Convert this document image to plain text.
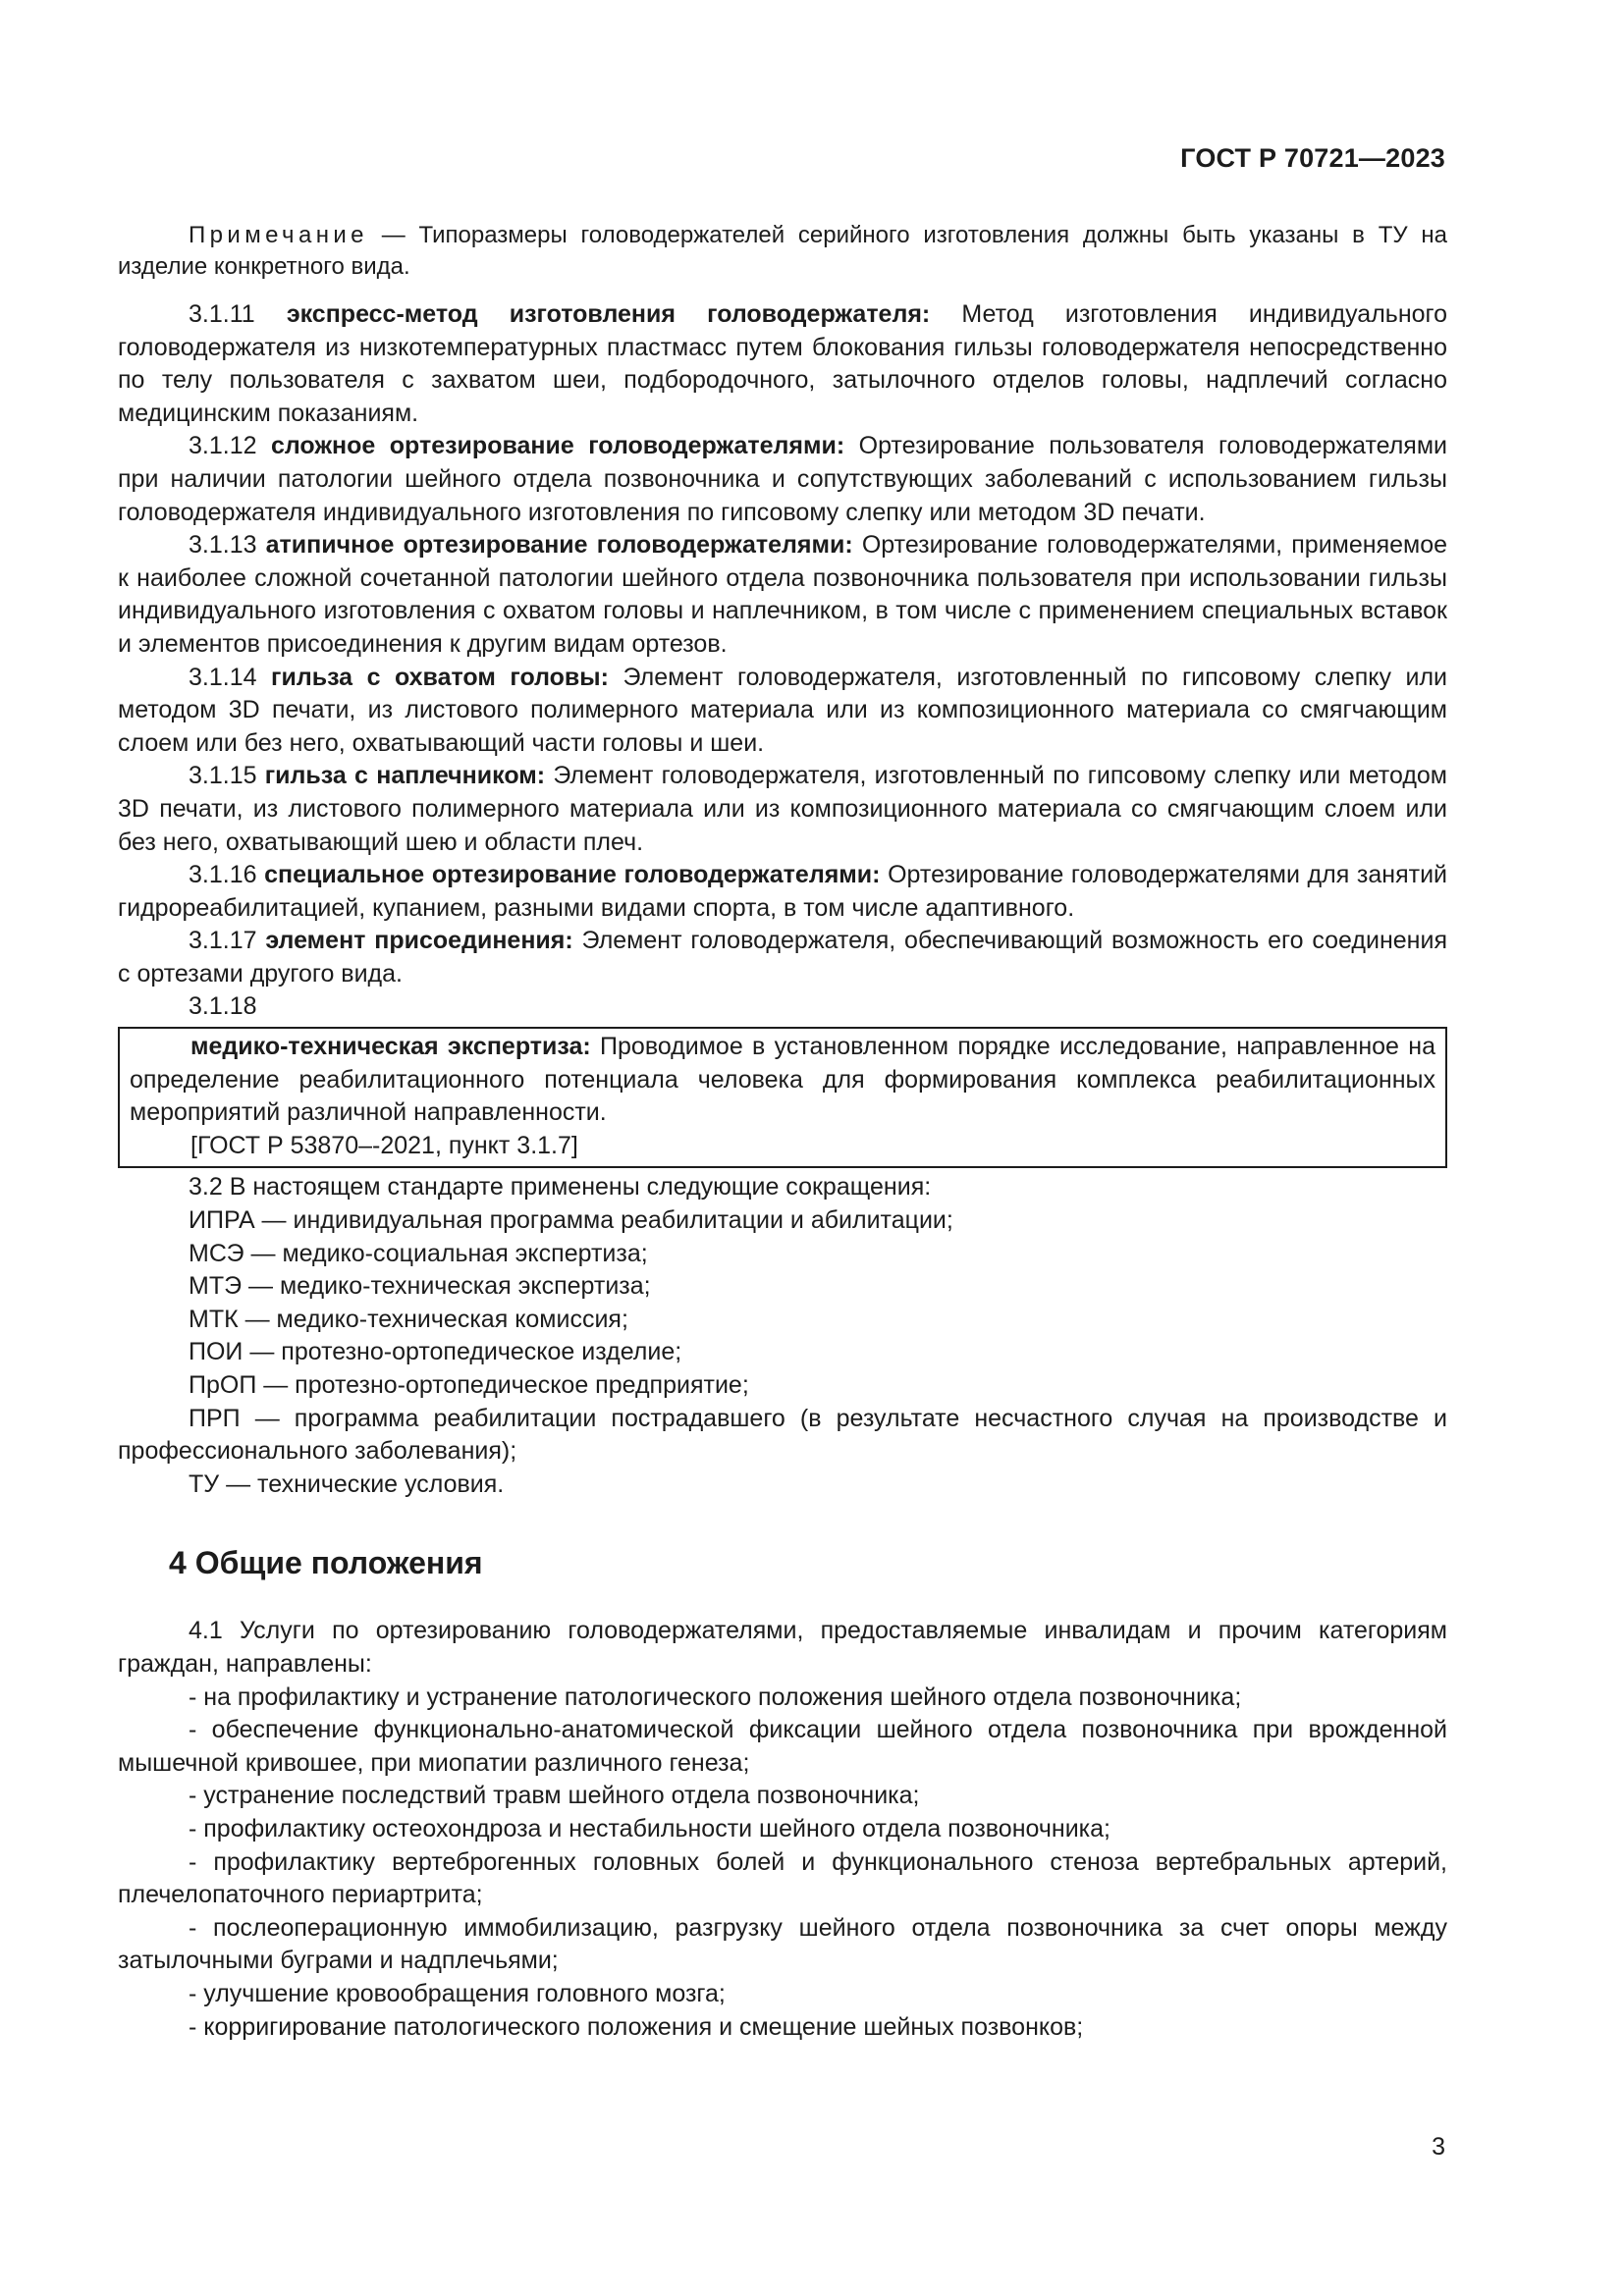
ГОСТ Р 70721—2023

Примечание — Типоразмеры головодержателей серийного изготовления должны быть указаны в ТУ на изделие конкретного вида.

3.1.11 экспресс-метод изготовления головодержателя: Метод изготовления индивидуального головодержателя из низкотемпературных пластмасс путем блокования гильзы головодержателя непосредственно по телу пользователя с захватом шеи, подбородочного, затылочного отделов головы, надплечий согласно медицинским показаниям.

3.1.12 сложное ортезирование головодержателями: Ортезирование пользователя головодержателями при наличии патологии шейного отдела позвоночника и сопутствующих заболеваний с использованием гильзы головодержателя индивидуального изготовления по гипсовому слепку или методом 3D печати.

3.1.13 атипичное ортезирование головодержателями: Ортезирование головодержателями, применяемое к наиболее сложной сочетанной патологии шейного отдела позвоночника пользователя при использовании гильзы индивидуального изготовления с охватом головы и наплечником, в том числе с применением специальных вставок и элементов присоединения к другим видам ортезов.

3.1.14 гильза с охватом головы: Элемент головодержателя, изготовленный по гипсовому слепку или методом 3D печати, из листового полимерного материала или из композиционного материала со смягчающим слоем или без него, охватывающий части головы и шеи.

3.1.15 гильза с наплечником: Элемент головодержателя, изготовленный по гипсовому слепку или методом 3D печати, из листового полимерного материала или из композиционного материала со смягчающим слоем или без него, охватывающий шею и области плеч.

3.1.16 специальное ортезирование головодержателями: Ортезирование головодержателями для занятий гидрореабилитацией, купанием, разными видами спорта, в том числе адаптивного.

3.1.17 элемент присоединения: Элемент головодержателя, обеспечивающий возможность его соединения с ортезами другого вида.

3.1.18

медико-техническая экспертиза: Проводимое в установленном порядке исследование, направленное на определение реабилитационного потенциала человека для формирования комплекса реабилитационных мероприятий различной направленности.

[ГОСТ Р 53870–-2021, пункт 3.1.7]

3.2 В настоящем стандарте применены следующие сокращения:

ИПРА — индивидуальная программа реабилитации и абилитации;

МСЭ — медико-социальная экспертиза;

МТЭ — медико-техническая экспертиза;

МТК — медико-техническая комиссия;

ПОИ — протезно-ортопедическое изделие;

ПрОП — протезно-ортопедическое предприятие;

ПРП — программа реабилитации пострадавшего (в результате несчастного случая на производстве и профессионального заболевания);

ТУ — технические условия.

4 Общие положения

4.1 Услуги по ортезированию головодержателями, предоставляемые инвалидам и прочим категориям граждан, направлены:

- на профилактику и устранение патологического положения шейного отдела позвоночника;

- обеспечение функционально-анатомической фиксации шейного отдела позвоночника при врожденной мышечной кривошее, при миопатии различного генеза;

- устранение последствий травм шейного отдела позвоночника;

- профилактику остеохондроза и нестабильности шейного отдела позвоночника;

- профилактику вертеброгенных головных болей и функционального стеноза вертебральных артерий, плечелопаточного периартрита;

- послеоперационную иммобилизацию, разгрузку шейного отдела позвоночника за счет опоры между затылочными буграми и надплечьями;

- улучшение кровообращения головного мозга;

- корригирование патологического положения и смещение шейных позвонков;

3
